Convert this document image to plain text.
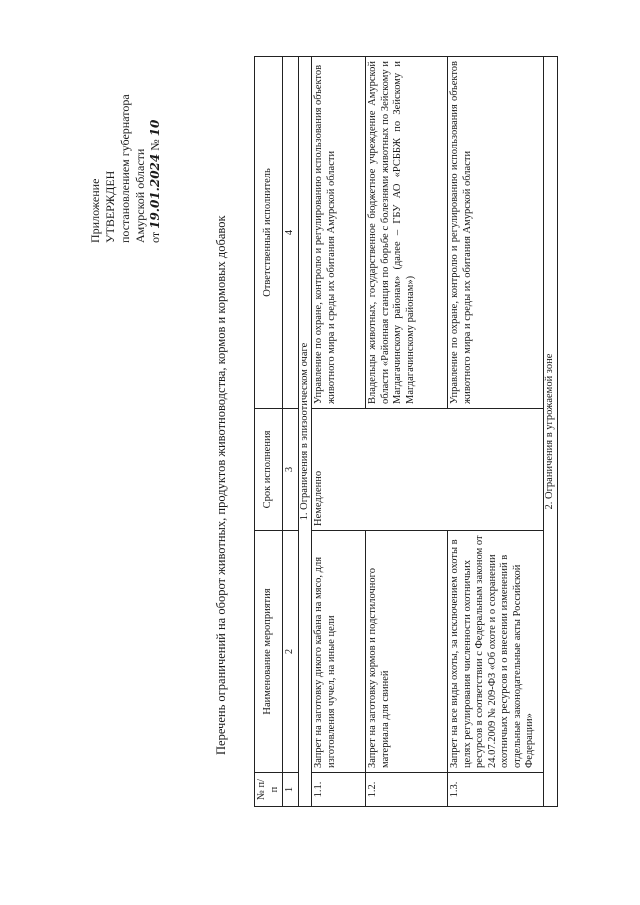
Приложение УТВЕРЖДЕН постановлением губернатора Амурской области от 19.01.2024 № 10
Перечень ограничений на оборот животных, продуктов животноводства, кормов и кормовых добавок
№ п/п	Наименование мероприятия	Срок исполнения	Ответственный исполнитель
1	2	3	4
1. Ограничения в эпизоотическом очаге			
1.1.	Запрет на заготовку дикого кабана на мясо, для изготовления чучел, на иные цели	Немедленно	Управление по охране, контролю и регулированию использования объектов животного мира и среды их обитания Амурской области
1.2.	Запрет на заготовку кормов и подстилочного материала для свиней		Владельцы животных, государственное бюджетное учреждение Амурской области «Районная станция по борьбе с болезнями животных по Зейскому и Магдагачинскому районам» (далее – ГБУ АО «РСББЖ по Зейскому и Магдагачинскому районам»)
1.3.	Запрет на все виды охоты, за исключением охоты в целях регулирования численности охотничьих ресурсов в соответствии с Федеральным законом от 24.07.2009 № 209-ФЗ «Об охоте и о сохранении охотничьих ресурсов и о внесении изменений в отдельные законодательные акты Российской Федерации»		Управление по охране, контролю и регулированию использования объектов животного мира и среды их обитания Амурской области
2. Ограничения в угрожаемой зоне			
